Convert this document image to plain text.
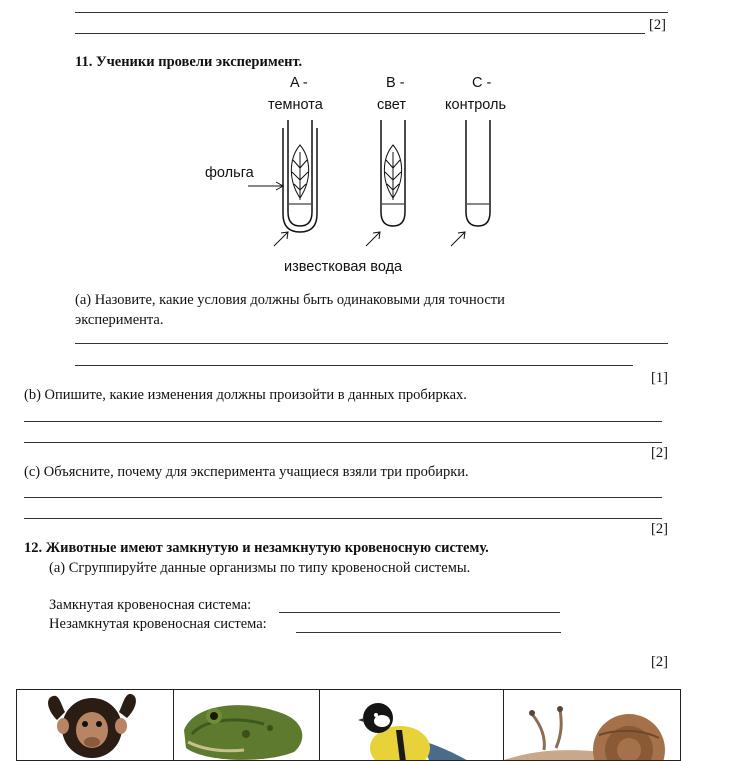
[2]
11. Ученики провели эксперимент.
A -
темнота
B -
свет
C -
контроль
фольга
известковая вода
(a) Назовите, какие условия должны быть одинаковыми для точности
эксперимента.
[1]
(b) Опишите, какие изменения должны произойти в данных пробирках.
[2]
(c) Объясните, почему для эксперимента учащиеся взяли три пробирки.
[2]
12. Животные имеют замкнутую и незамкнутую кровеносную систему.
(a) Сгруппируйте данные организмы по типу кровеносной системы.
Замкнутая кровеносная система:
Незамкнутая кровеносная система:
[2]
